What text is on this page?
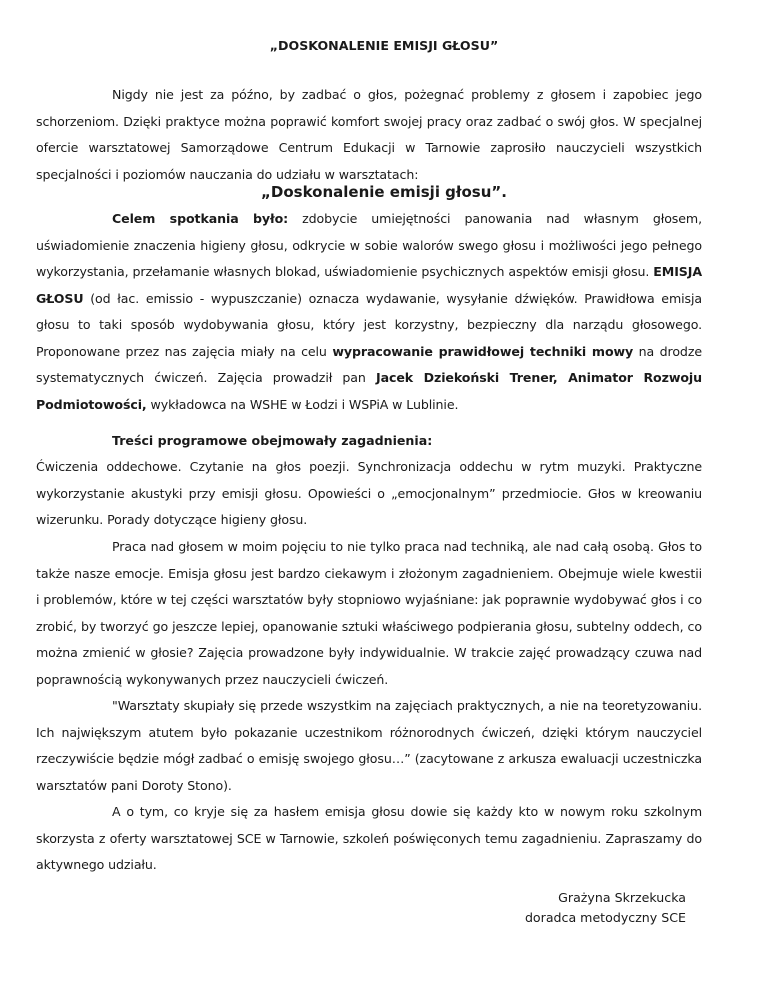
„DOSKONALENIE EMISJI GŁOSU”

Nigdy nie jest za późno, by zadbać o głos, pożegnać problemy z głosem i zapobiec jego schorzeniom. Dzięki praktyce można poprawić komfort swojej pracy oraz zadbać o swój głos. W specjalnej ofercie warsztatowej Samorządowe Centrum Edukacji w Tarnowie zaprosiło nauczycieli wszystkich specjalności i poziomów nauczania do udziału w warsztatach:

„Doskonalenie emisji głosu”.

Celem spotkania było: zdobycie umiejętności panowania nad własnym głosem, uświadomienie znaczenia higieny głosu, odkrycie w sobie walorów swego głosu i możliwości jego pełnego wykorzystania, przełamanie własnych blokad, uświadomienie psychicznych aspektów emisji głosu. EMISJA GŁOSU (od łac. emissio - wypuszczanie) oznacza wydawanie, wysyłanie dźwięków. Prawidłowa emisja głosu to taki sposób wydobywania głosu, który jest korzystny, bezpieczny dla narządu głosowego. Proponowane przez nas zajęcia miały na celu wypracowanie prawidłowej techniki mowy na drodze systematycznych ćwiczeń. Zajęcia prowadził pan Jacek Dziekoński Trener, Animator Rozwoju Podmiotowości, wykładowca na WSHE w Łodzi i WSPiA w Lublinie.

Treści programowe obejmowały zagadnienia:

Ćwiczenia oddechowe. Czytanie na głos poezji. Synchronizacja oddechu w rytm muzyki. Praktyczne wykorzystanie akustyki przy emisji głosu. Opowieści o „emocjonalnym” przedmiocie. Głos w kreowaniu wizerunku. Porady dotyczące higieny głosu.

Praca nad głosem w moim pojęciu to nie tylko praca nad techniką, ale nad całą osobą. Głos to także nasze emocje. Emisja głosu jest bardzo ciekawym i złożonym zagadnieniem. Obejmuje wiele kwestii i problemów, które w tej części warsztatów były stopniowo wyjaśniane: jak poprawnie wydobywać głos i co zrobić, by tworzyć go jeszcze lepiej, opanowanie sztuki właściwego podpierania głosu, subtelny oddech, co można zmienić w głosie? Zajęcia prowadzone były indywidualnie. W trakcie zajęć prowadzący czuwa nad poprawnością wykonywanych przez nauczycieli ćwiczeń.

"Warsztaty skupiały się przede wszystkim na zajęciach praktycznych, a nie na teoretyzowaniu. Ich największym atutem było pokazanie uczestnikom różnorodnych ćwiczeń, dzięki którym nauczyciel rzeczywiście będzie mógł zadbać o emisję swojego głosu…” (zacytowane z arkusza ewaluacji uczestniczka warsztatów pani Doroty Stono).

A o tym, co kryje się za hasłem emisja głosu dowie się każdy kto w nowym roku szkolnym skorzysta z oferty warsztatowej SCE w Tarnowie, szkoleń poświęconych temu zagadnieniu. Zapraszamy do aktywnego udziału.

Grażyna Skrzekucka
doradca metodyczny SCE
